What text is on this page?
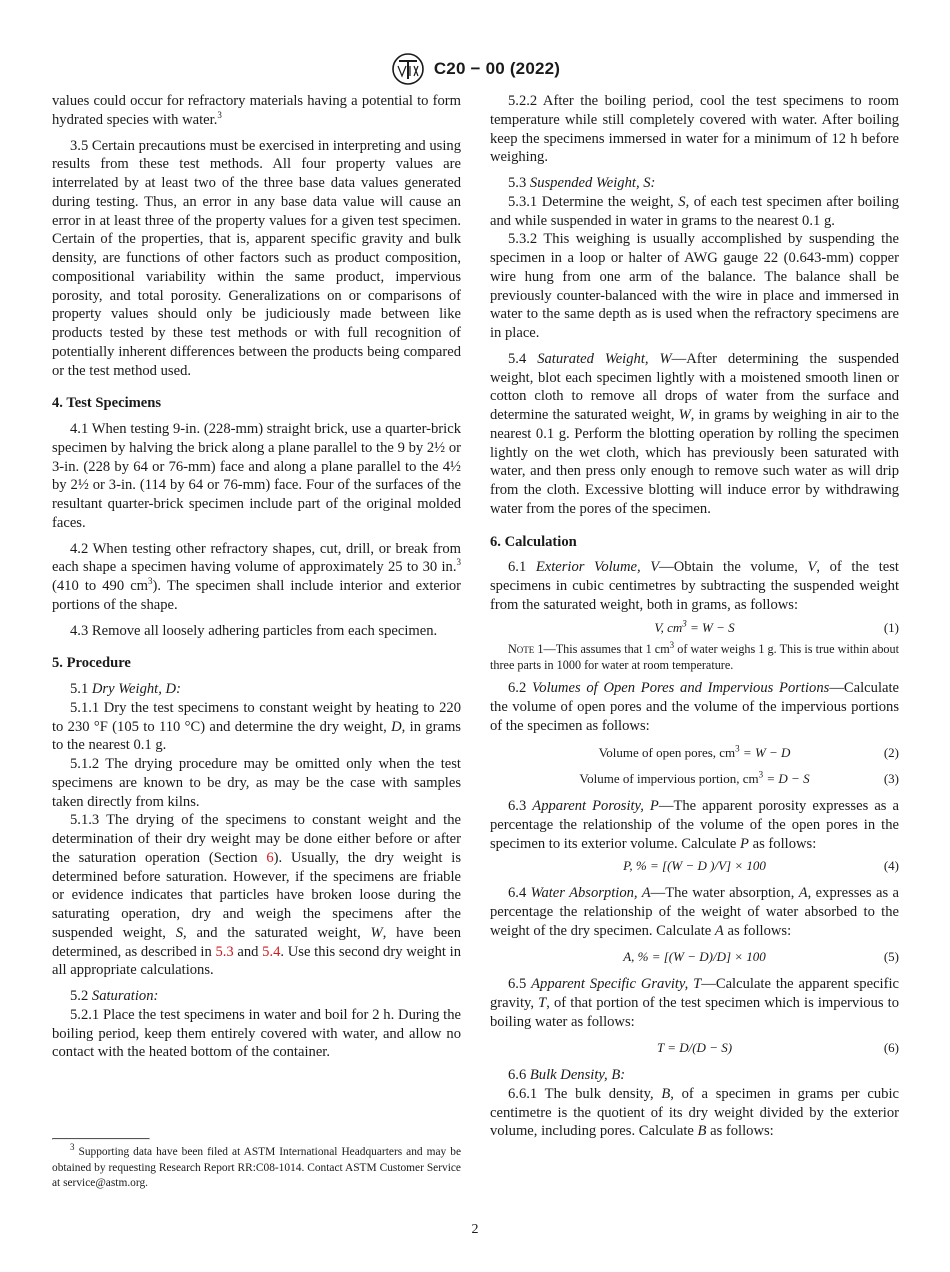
C20 − 00 (2022)

values could occur for refractory materials having a potential to form hydrated species with water.$^3$

3.5 Certain precautions must be exercised in interpreting and using results from these test methods. All four property values are interrelated by at least two of the three base data values generated during testing. Thus, an error in any base data value will cause an error in at least three of the property values for a given test specimen. Certain of the properties, that is, apparent specific gravity and bulk density, are functions of other factors such as product composition, compositional variability within the same product, impervious porosity, and total porosity. Generalizations on or comparisons of property values should only be judiciously made between like products tested by these test methods or with full recognition of potentially inherent differences between the products being compared or the test method used.

4. Test Specimens

4.1 When testing 9-in. (228-mm) straight brick, use a quarter-brick specimen by halving the brick along a plane parallel to the 9 by 2½ or 3-in. (228 by 64 or 76-mm) face and along a plane parallel to the 4½ by 2½ or 3-in. (114 by 64 or 76-mm) face. Four of the surfaces of the resultant quarter-brick specimen include part of the original molded faces.

4.2 When testing other refractory shapes, cut, drill, or break from each shape a specimen having volume of approximately 25 to 30 in.$^3$ (410 to 490 $cm^3$). The specimen shall include interior and exterior portions of the shape.

4.3 Remove all loosely adhering particles from each specimen.

5. Procedure

5.1 Dry Weight, D:

5.1.1 Dry the test specimens to constant weight by heating to 220 to 230 °F (105 to 110 °C) and determine the dry weight, D, in grams to the nearest 0.1 g.

5.1.2 The drying procedure may be omitted only when the test specimens are known to be dry, as may be the case with samples taken directly from kilns.

5.1.3 The drying of the specimens to constant weight and the determination of their dry weight may be done either before or after the saturation operation (Section 6). Usually, the dry weight is determined before saturation. However, if the specimens are friable or evidence indicates that particles have broken loose during the saturating operation, dry and weigh the specimens after the suspended weight, S, and the saturated weight, W, have been determined, as described in 5.3 and 5.4. Use this second dry weight in all appropriate calculations.

5.2 Saturation:

5.2.1 Place the test specimens in water and boil for 2 h. During the boiling period, keep them entirely covered with water, and allow no contact with the heated bottom of the container.

$^3$ Supporting data have been filed at ASTM International Headquarters and may be obtained by requesting Research Report RR:C08-1014. Contact ASTM Customer Service at service@astm.org.

5.2.2 After the boiling period, cool the test specimens to room temperature while still completely covered with water. After boiling keep the specimens immersed in water for a minimum of 12 h before weighing.

5.3 Suspended Weight, S:

5.3.1 Determine the weight, S, of each test specimen after boiling and while suspended in water in grams to the nearest 0.1 g.

5.3.2 This weighing is usually accomplished by suspending the specimen in a loop or halter of AWG gauge 22 (0.643-mm) copper wire hung from one arm of the balance. The balance shall be previously counter-balanced with the wire in place and immersed in water to the same depth as is used when the refractory specimens are in place.

5.4 Saturated Weight, W—After determining the suspended weight, blot each specimen lightly with a moistened smooth linen or cotton cloth to remove all drops of water from the surface and determine the saturated weight, W, in grams by weighing in air to the nearest 0.1 g. Perform the blotting operation by rolling the specimen lightly on the wet cloth, which has previously been saturated with water, and then press only enough to remove such water as will drip from the cloth. Excessive blotting will induce error by withdrawing water from the pores of the specimen.

6. Calculation

6.1 Exterior Volume, V—Obtain the volume, V, of the test specimens in cubic centimetres by subtracting the suspended weight from the saturated weight, both in grams, as follows:

V, $cm^3 = W - S$	(1)

Note 1—This assumes that 1 $cm^3$ of water weighs 1 g. This is true within about three parts in 1000 for water at room temperature.

6.2 Volumes of Open Pores and Impervious Portions—Calculate the volume of open pores and the volume of the impervious portions of the specimen as follows:

Volume of open pores, $cm^3 = W - D$	(2)
Volume of impervious portion, $cm^3 = D - S$	(3)

6.3 Apparent Porosity, P—The apparent porosity expresses as a percentage the relationship of the volume of the open pores in the specimen to its exterior volume. Calculate P as follows:

P, % = [(W − D )/V] × 100	(4)

6.4 Water Absorption, A—The water absorption, A, expresses as a percentage the relationship of the weight of water absorbed to the weight of the dry specimen. Calculate A as follows:

A, % = [(W − D)/D] × 100	(5)

6.5 Apparent Specific Gravity, T—Calculate the apparent specific gravity, T, of that portion of the test specimen which is impervious to boiling water as follows:

T = D/(D − S)	(6)

6.6 Bulk Density, B:

6.6.1 The bulk density, B, of a specimen in grams per cubic centimetre is the quotient of its dry weight divided by the exterior volume, including pores. Calculate B as follows:

2
